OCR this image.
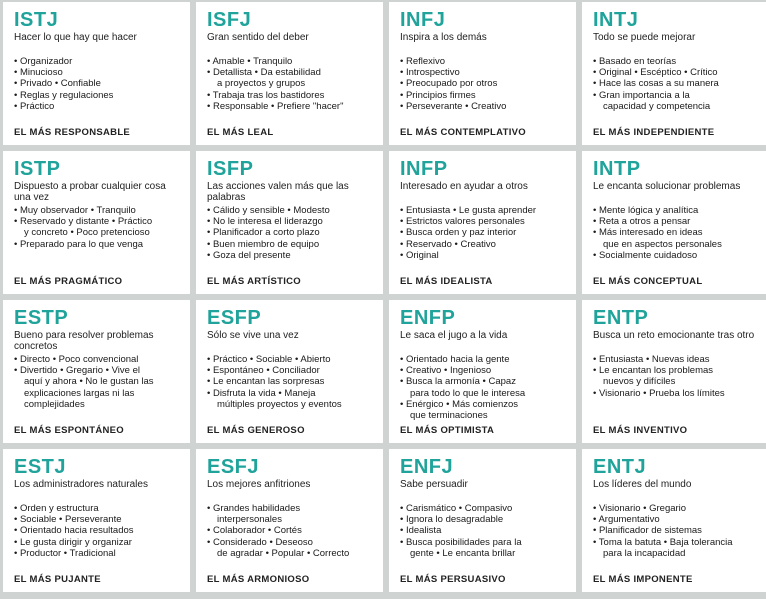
ISTJ
Hacer lo que hay que hacer
• Organizador
• Minucioso
• Privado • Confiable
• Reglas y regulaciones
• Práctico
EL MÁS RESPONSABLE
ISFJ
Gran sentido del deber
• Amable • Tranquilo
• Detallista • Da estabilidad
a proyectos y grupos
• Trabaja tras los bastidores
• Responsable • Prefiere "hacer"
EL MÁS LEAL
INFJ
Inspira a los demás
• Reflexivo
• Introspectivo
• Preocupado por otros
• Principios firmes
• Perseverante • Creativo
EL MÁS CONTEMPLATIVO
INTJ
Todo se puede mejorar
• Basado en teorías
• Original • Escéptico • Crítico
• Hace las cosas a su manera
• Gran importancia a la
capacidad y competencia
EL MÁS INDEPENDIENTE
ISTP
Dispuesto a probar cualquier cosa una vez
• Muy observador • Tranquilo
• Reservado y distante • Práctico
y concreto • Poco pretencioso
• Preparado para lo que venga
EL MÁS PRAGMÁTICO
ISFP
Las acciones valen más que las palabras
• Cálido y sensible • Modesto
• No le interesa el liderazgo
• Planificador a corto plazo
• Buen miembro de equipo
• Goza del presente
EL MÁS ARTÍSTICO
INFP
Interesado en ayudar a otros
• Entusiasta • Le gusta aprender
• Estrictos valores personales
• Busca orden y paz interior
• Reservado • Creativo
• Original
EL MÁS IDEALISTA
INTP
Le encanta solucionar problemas
• Mente lógica y analítica
• Reta a otros a pensar
• Más interesado en ideas
que en aspectos personales
• Socialmente cuidadoso
EL MÁS CONCEPTUAL
ESTP
Bueno para resolver problemas concretos
• Directo • Poco convencional
• Divertido • Gregario • Vive el
aquí y ahora • No le gustan las
explicaciones largas ni las
complejidades
EL MÁS ESPONTÁNEO
ESFP
Sólo se vive una vez
• Práctico • Sociable • Abierto
• Espontáneo • Conciliador
• Le encantan las sorpresas
• Disfruta la vida • Maneja
múltiples proyectos y eventos
EL MÁS GENEROSO
ENFP
Le saca el jugo a la vida
• Orientado hacia la gente
• Creativo • Ingenioso
• Busca la armonía • Capaz
para todo lo que le interesa
• Enérgico • Más comienzos
que terminaciones
EL MÁS OPTIMISTA
ENTP
Busca un reto emocionante tras otro
• Entusiasta • Nuevas ideas
• Le encantan los problemas
nuevos y difíciles
• Visionario • Prueba los límites
EL MÁS INVENTIVO
ESTJ
Los administradores naturales
• Orden y estructura
• Sociable • Perseverante
• Orientado hacia resultados
• Le gusta dirigir y organizar
• Productor • Tradicional
EL MÁS PUJANTE
ESFJ
Los mejores anfitriones
• Grandes habilidades
interpersonales
• Colaborador • Cortés
• Considerado • Deseoso
de agradar • Popular • Correcto
EL MÁS ARMONIOSO
ENFJ
Sabe persuadir
• Carismático • Compasivo
• Ignora lo desagradable
• Idealista
• Busca posibilidades para la
gente • Le encanta brillar
EL MÁS PERSUASIVO
ENTJ
Los líderes del mundo
• Visionario • Gregario
• Argumentativo
• Planificador de sistemas
• Toma la batuta • Baja tolerancia
para la incapacidad
EL MÁS IMPONENTE
